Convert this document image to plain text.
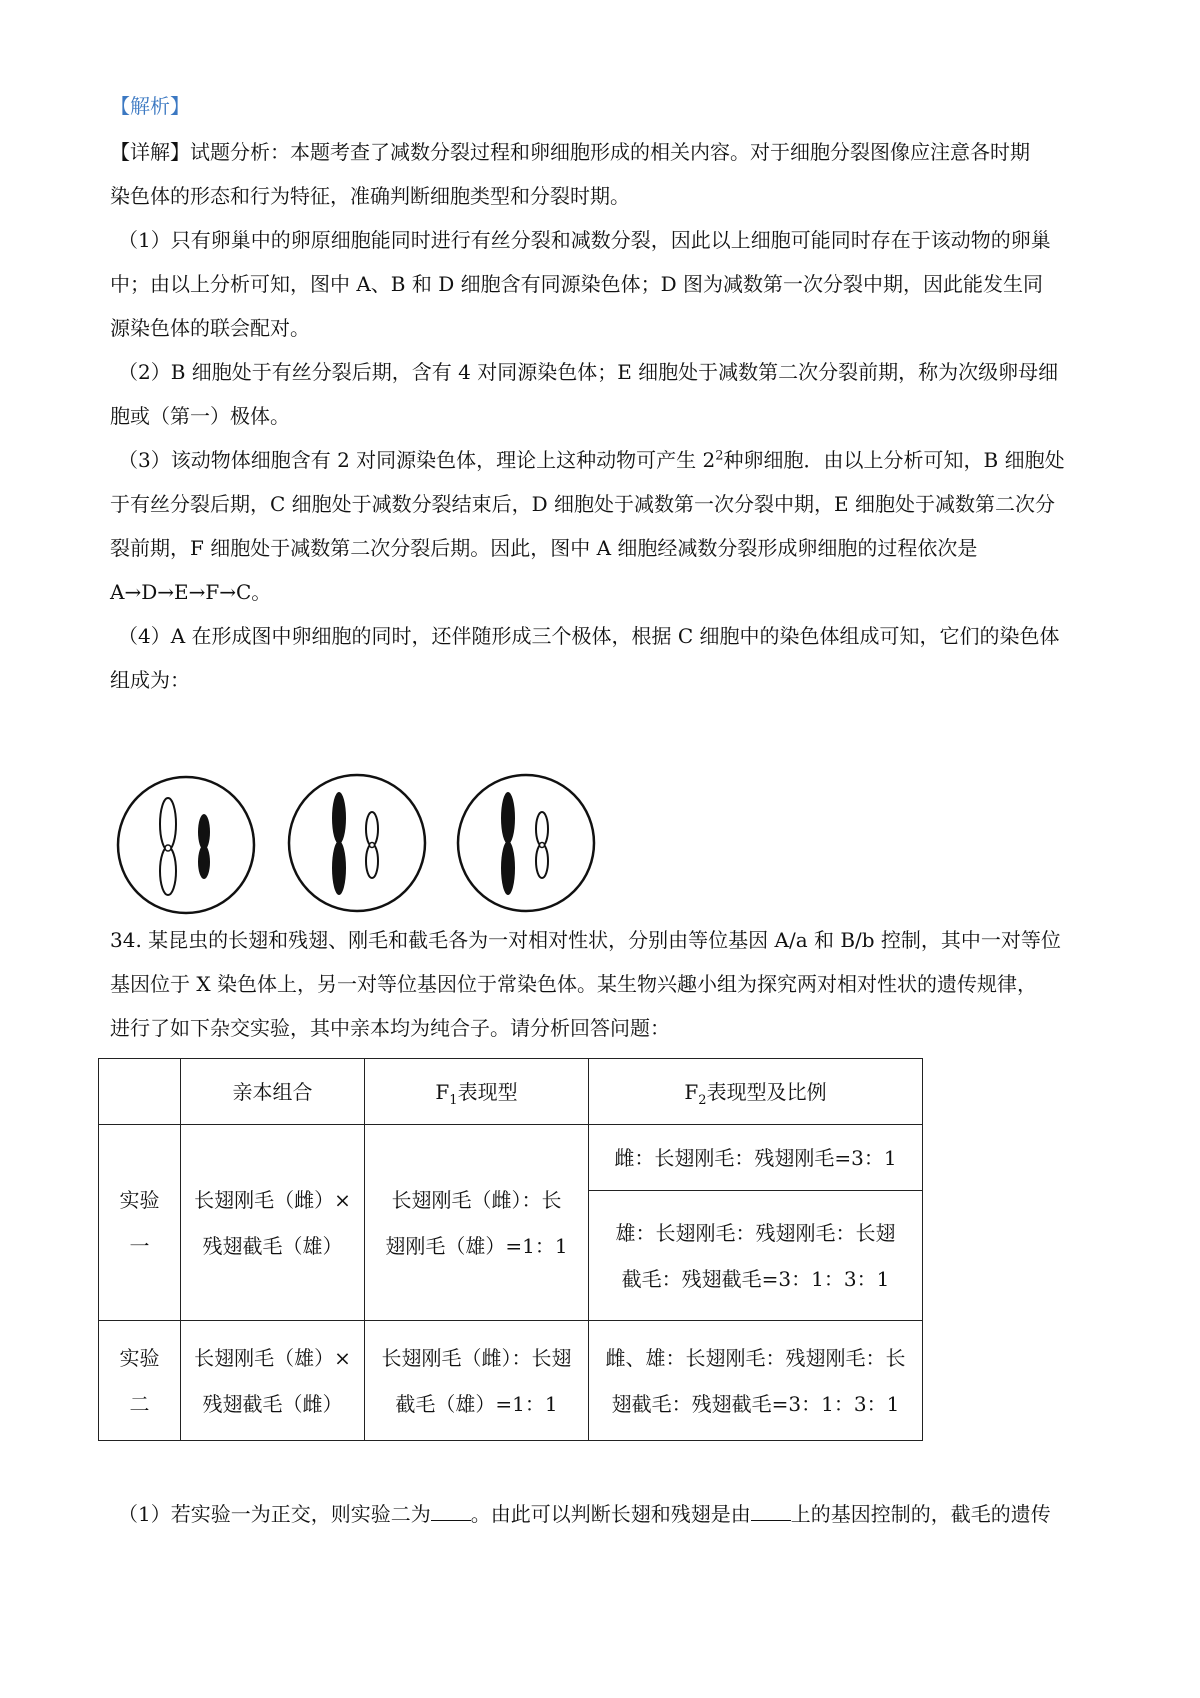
【解析】
【详解】试题分析：本题考查了减数分裂过程和卵细胞形成的相关内容。对于细胞分裂图像应注意各时期
染色体的形态和行为特征，准确判断细胞类型和分裂时期。
（1）只有卵巢中的卵原细胞能同时进行有丝分裂和减数分裂，因此以上细胞可能同时存在于该动物的卵巢
中；由以上分析可知，图中 A、B 和 D 细胞含有同源染色体；D 图为减数第一次分裂中期，因此能发生同
源染色体的联会配对。
（2）B 细胞处于有丝分裂后期，含有 4 对同源染色体；E 细胞处于减数第二次分裂前期，称为次级卵母细
胞或（第一）极体。
（3）该动物体细胞含有 2 对同源染色体，理论上这种动物可产生 $2^2$种卵细胞．由以上分析可知，B 细胞处
于有丝分裂后期，C 细胞处于减数分裂结束后，D 细胞处于减数第一次分裂中期，E 细胞处于减数第二次分
裂前期，F 细胞处于减数第二次分裂后期。因此，图中 A 细胞经减数分裂形成卵细胞的过程依次是
A→D→E→F→C。
（4）A 在形成图中卵细胞的同时，还伴随形成三个极体，根据 C 细胞中的染色体组成可知，它们的染色体
组成为：
34. 某昆虫的长翅和残翅、刚毛和截毛各为一对相对性状，分别由等位基因 A/a 和 B/b 控制，其中一对等位
基因位于 X 染色体上，另一对等位基因位于常染色体。某生物兴趣小组为探究两对相对性状的遗传规律，
进行了如下杂交实验，其中亲本均为纯合子。请分析回答问题：
	亲本组合	$F_1$表现型	$F_2$表现型及比例
实验
一	长翅刚毛（雌）×
残翅截毛（雄）	长翅刚毛（雌）：长
翅刚毛（雄）=1：1	雌：长翅刚毛：残翅刚毛=3：1
			雄：长翅刚毛：残翅刚毛：长翅
截毛：残翅截毛=3：1：3：1
实验
二	长翅刚毛（雄）×
残翅截毛（雌）	长翅刚毛（雌）：长翅
截毛（雄）=1：1	雌、雄：长翅刚毛：残翅刚毛：长
翅截毛：残翅截毛=3：1：3：1
（1）若实验一为正交，则实验二为 。由此可以判断长翅和残翅是由 上的基因控制的，截毛的遗传
